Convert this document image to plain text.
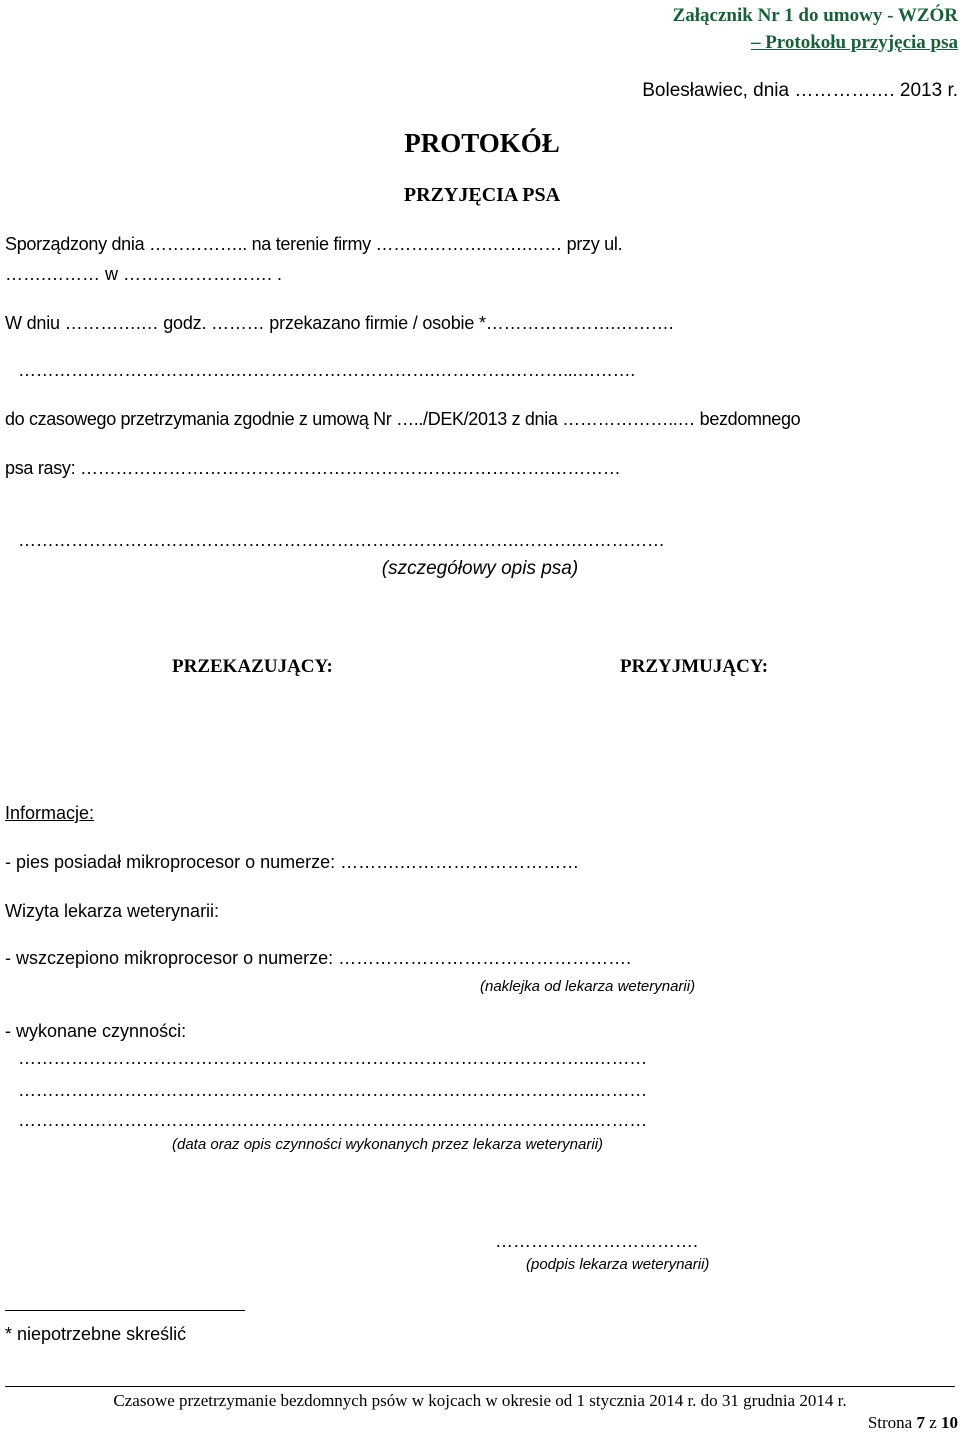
Załącznik Nr 1 do umowy - WZÓR
– Protokołu przyjęcia psa
Bolesławiec, dnia ……………. 2013 r.
PROTOKÓŁ
PRZYJĘCIA PSA
Sporządzony dnia …………….. na terenie firmy ……………….…….…… przy ul.
…….……… w ……………………. .
W dniu ………….… godz. ……… przekazano firmie / osobie *………………….……….
……………………………….…………………………….………….………...……….
do czasowego przetrzymania zgodnie z umową Nr …../DEK/2013 z dnia ………………..… bezdomnego
psa rasy: ……………………………………………………….…………….…………
………………………………………………………………………….……….……………
(szczegółowy opis psa)
PRZEKAZUJĄCY:	PRZYJMUJĄCY:
Informacje:
- pies posiadał mikroprocesor o numerze: ……….…………………………
Wizyta lekarza weterynarii:
- wszczepiono mikroprocesor o numerze: ………………………………………….
(naklejka od lekarza weterynarii)
- wykonane czynności:
……………………………………………………………………………………..………
……………………………………………………………………………………..………
……………………………………………………………………………………..………
(data oraz opis czynności wykonanych przez lekarza weterynarii)
…………………………….
(podpis lekarza weterynarii)
* niepotrzebne skreślić
Czasowe przetrzymanie bezdomnych psów w kojcach w okresie od 1 stycznia 2014 r. do 31 grudnia 2014 r.
Strona 7 z 10
